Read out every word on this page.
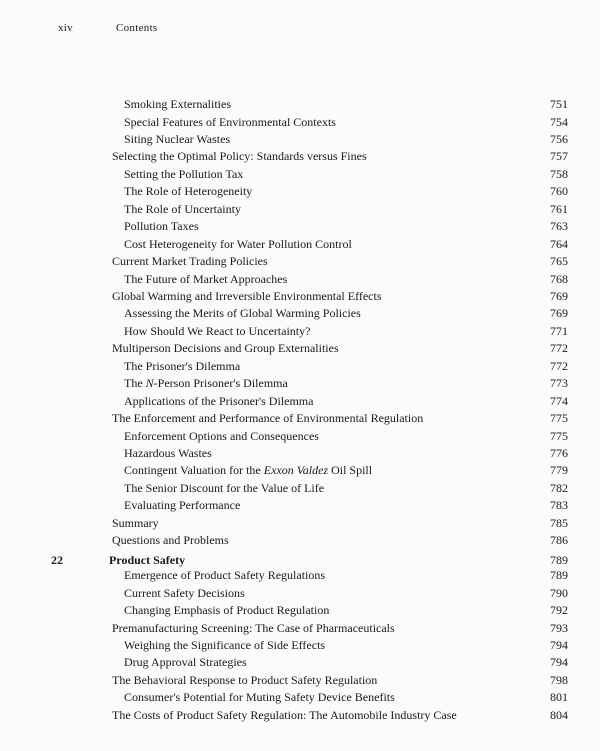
xiv	Contents
Smoking Externalities	751
Special Features of Environmental Contexts	754
Siting Nuclear Wastes	756
Selecting the Optimal Policy: Standards versus Fines	757
Setting the Pollution Tax	758
The Role of Heterogeneity	760
The Role of Uncertainty	761
Pollution Taxes	763
Cost Heterogeneity for Water Pollution Control	764
Current Market Trading Policies	765
The Future of Market Approaches	768
Global Warming and Irreversible Environmental Effects	769
Assessing the Merits of Global Warming Policies	769
How Should We React to Uncertainty?	771
Multiperson Decisions and Group Externalities	772
The Prisoner's Dilemma	772
The N-Person Prisoner's Dilemma	773
Applications of the Prisoner's Dilemma	774
The Enforcement and Performance of Environmental Regulation	775
Enforcement Options and Consequences	775
Hazardous Wastes	776
Contingent Valuation for the Exxon Valdez Oil Spill	779
The Senior Discount for the Value of Life	782
Evaluating Performance	783
Summary	785
Questions and Problems	786
22	Product Safety	789
Emergence of Product Safety Regulations	789
Current Safety Decisions	790
Changing Emphasis of Product Regulation	792
Premanufacturing Screening: The Case of Pharmaceuticals	793
Weighing the Significance of Side Effects	794
Drug Approval Strategies	794
The Behavioral Response to Product Safety Regulation	798
Consumer's Potential for Muting Safety Device Benefits	801
The Costs of Product Safety Regulation: The Automobile Industry Case	804
